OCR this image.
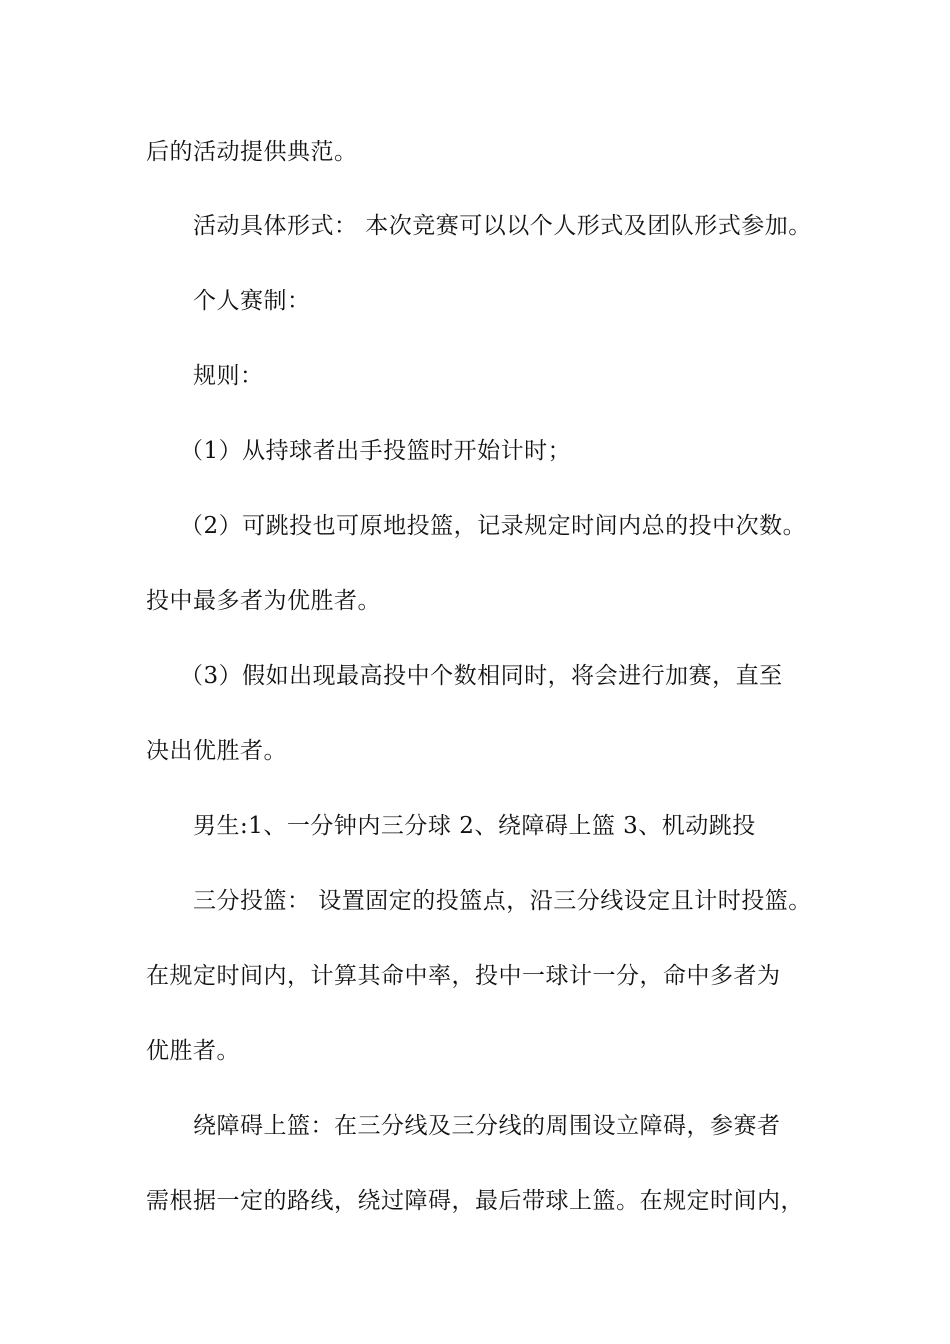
后的活动提供典范。
活动具体形式： 本次竞赛可以以个人形式及团队形式参加。
个人赛制：
规则：
（1）从持球者出手投篮时开始计时；
（2）可跳投也可原地投篮，记录规定时间内总的投中次数。
投中最多者为优胜者。
（3）假如出现最高投中个数相同时，将会进行加赛，直至
决出优胜者。
男生:1、一分钟内三分球 2、绕障碍上篮 3、机动跳投
三分投篮： 设置固定的投篮点，沿三分线设定且计时投篮。
在规定时间内，计算其命中率，投中一球计一分，命中多者为
优胜者。
绕障碍上篮：在三分线及三分线的周围设立障碍，参赛者
需根据一定的路线，绕过障碍，最后带球上篮。在规定时间内，
